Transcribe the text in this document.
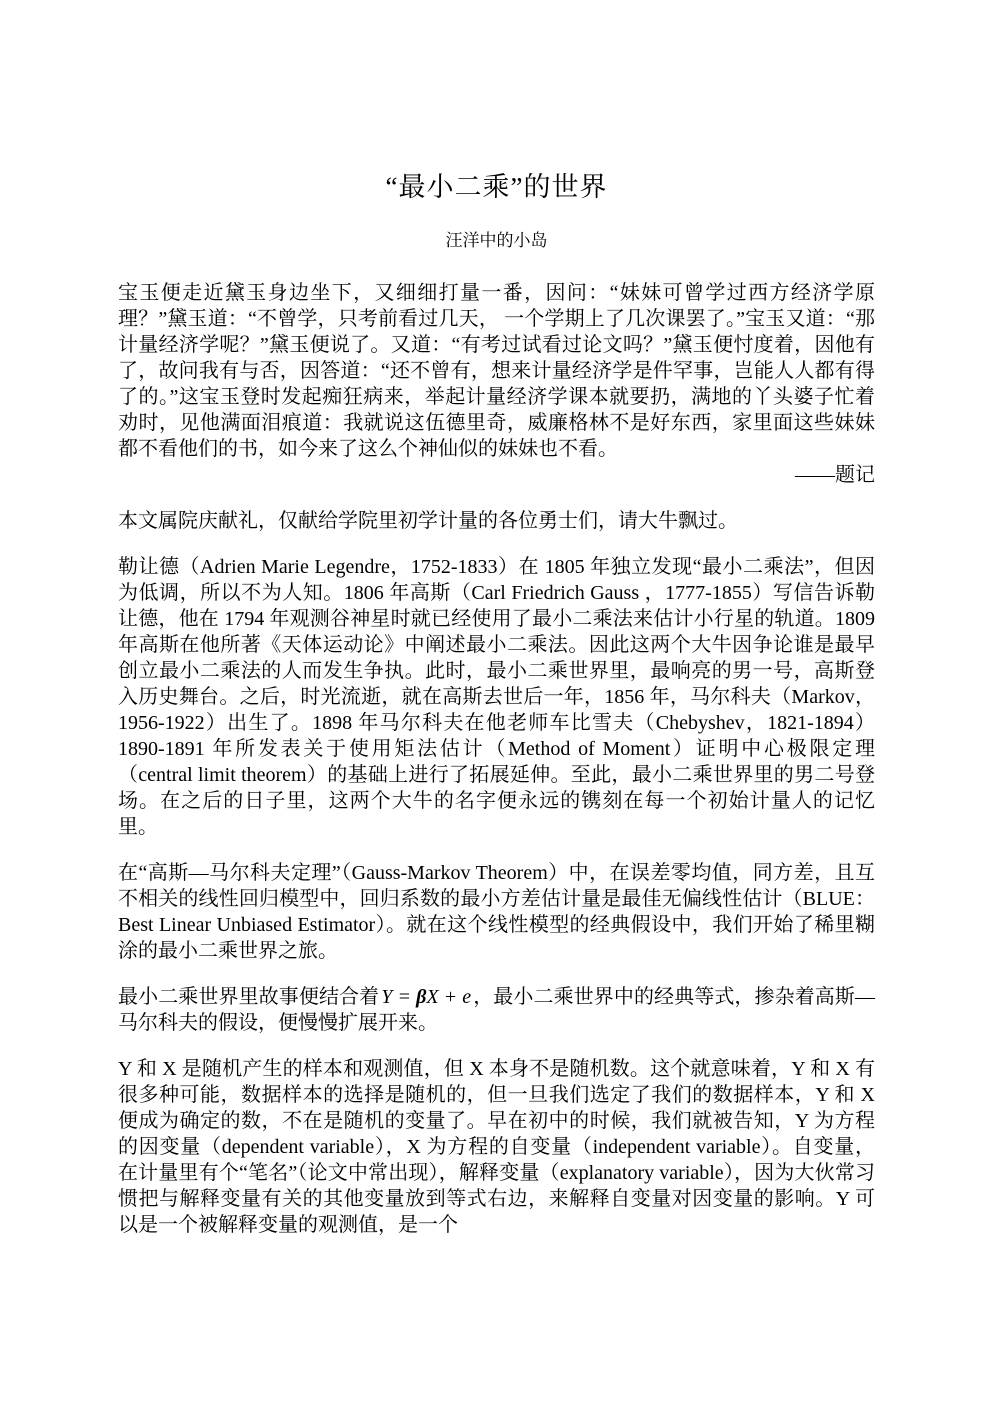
“最小二乘”的世界
汪洋中的小岛
宝玉便走近黛玉身边坐下，又细细打量一番，因问：“妹妹可曾学过西方经济学原理？”黛玉道：“不曾学，只考前看过几天， 一个学期上了几次课罢了。”宝玉又道：“那计量经济学呢？”黛玉便说了。又道：“有考过试看过论文吗？”黛玉便忖度着，因他有了，故问我有与否，因答道：“还不曾有，想来计量经济学是件罕事，岂能人人都有得了的。”这宝玉登时发起痴狂病来，举起计量经济学课本就要扔，满地的丫头婆子忙着劝时，见他满面泪痕道：我就说这伍德里奇，威廉格林不是好东西，家里面这些妹妹都不看他们的书，如今来了这么个神仙似的妹妹也不看。
——题记
本文属院庆献礼，仅献给学院里初学计量的各位勇士们，请大牛飘过。
勒让德（Adrien Marie Legendre，1752-1833）在 1805 年独立发现“最小二乘法”，但因为低调，所以不为人知。1806 年高斯（Carl Friedrich Gauss ，1777-1855）写信告诉勒让德，他在 1794 年观测谷神星时就已经使用了最小二乘法来估计小行星的轨道。1809 年高斯在他所著《天体运动论》中阐述最小二乘法。因此这两个大牛因争论谁是最早创立最小二乘法的人而发生争执。此时，最小二乘世界里，最响亮的男一号，高斯登入历史舞台。之后，时光流逝，就在高斯去世后一年，1856 年，马尔科夫（Markov，1956-1922）出生了。1898 年马尔科夫在他老师车比雪夫（Chebyshev，1821-1894）1890-1891 年所发表关于使用矩法估计（Method of Moment）证明中心极限定理（central limit theorem）的基础上进行了拓展延伸。至此，最小二乘世界里的男二号登场。在之后的日子里，这两个大牛的名字便永远的镌刻在每一个初始计量人的记忆里。
在“高斯—马尔科夫定理”（Gauss-Markov Theorem）中，在误差零均值，同方差，且互不相关的线性回归模型中，回归系数的最小方差估计量是最佳无偏线性估计（BLUE：Best Linear Unbiased Estimator）。就在这个线性模型的经典假设中，我们开始了稀里糊涂的最小二乘世界之旅。
最小二乘世界里故事便结合着 Y = βX + e ，最小二乘世界中的经典等式，掺杂着高斯—马尔科夫的假设，便慢慢扩展开来。
Y 和 X 是随机产生的样本和观测值，但 X 本身不是随机数。这个就意味着，Y 和 X 有很多种可能，数据样本的选择是随机的，但一旦我们选定了我们的数据样本，Y 和 X 便成为确定的数，不在是随机的变量了。早在初中的时候，我们就被告知，Y 为方程的因变量（dependent variable），X 为方程的自变量（independent variable）。自变量，在计量里有个“笔名”（论文中常出现），解释变量（explanatory variable），因为大伙常习惯把与解释变量有关的其他变量放到等式右边，来解释自变量对因变量的影响。Y 可以是一个被解释变量的观测值，是一个
